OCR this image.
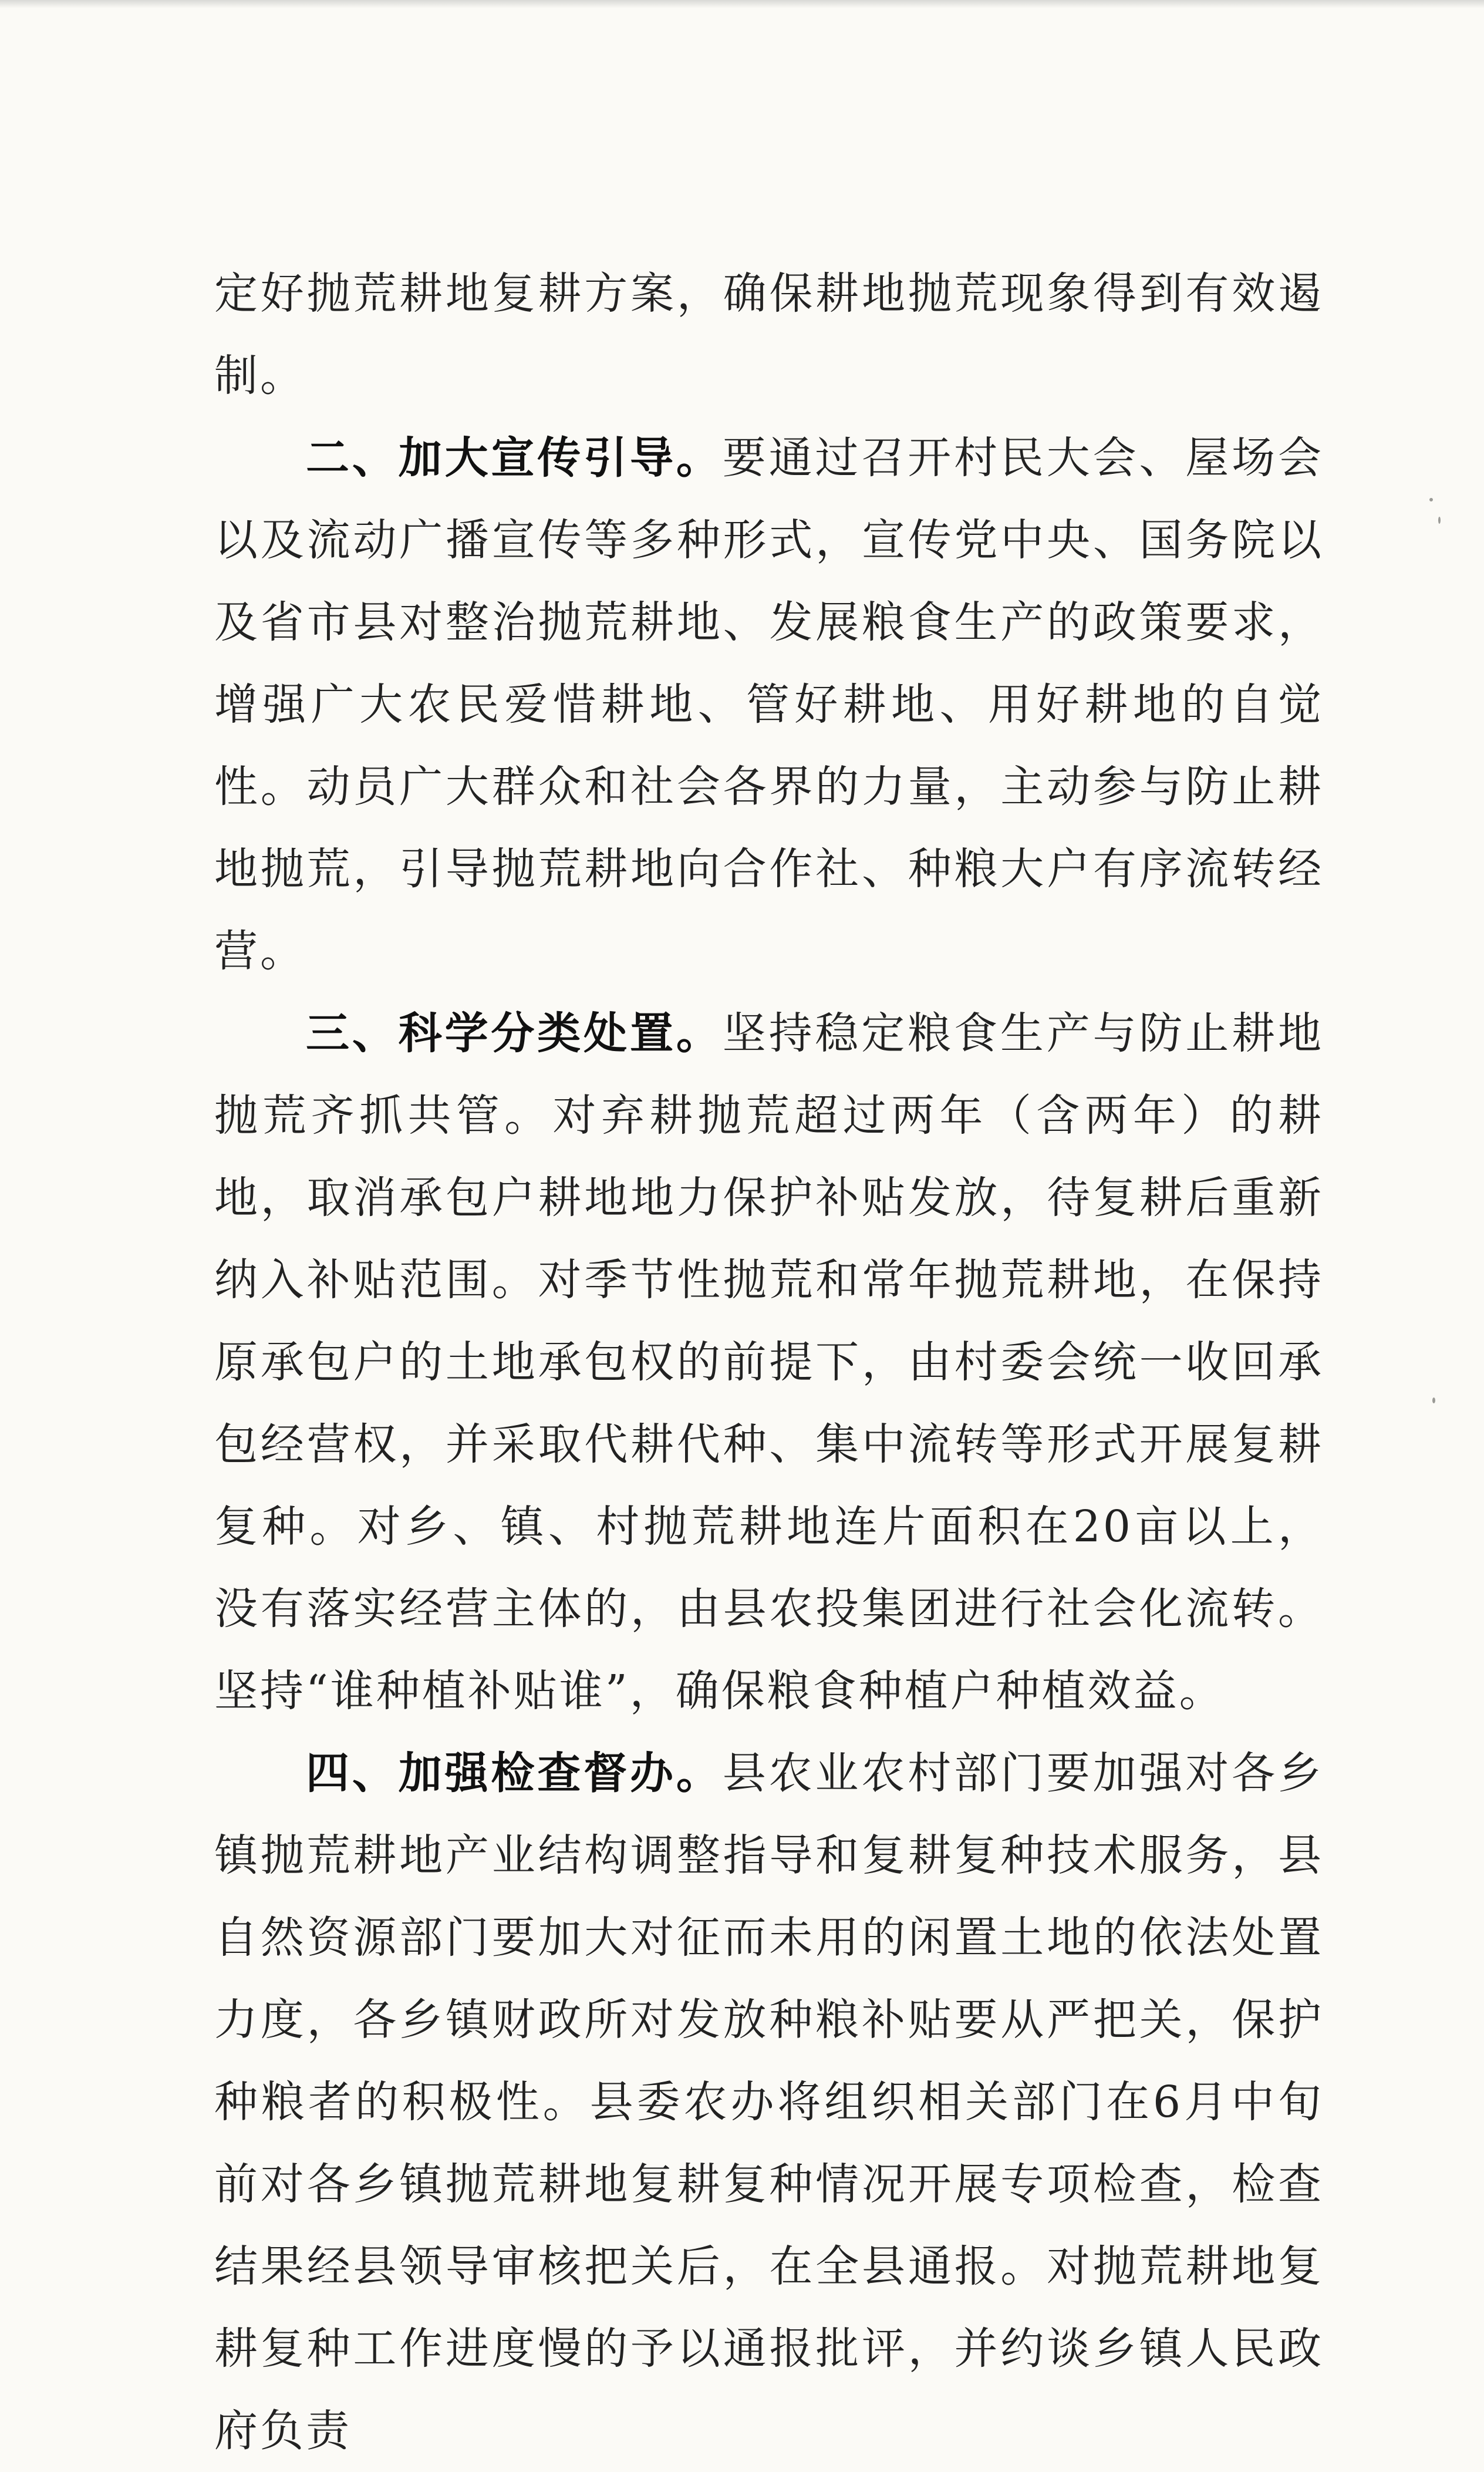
定好抛荒耕地复耕方案，确保耕地抛荒现象得到有效遏制。

二、加大宣传引导。要通过召开村民大会、屋场会以及流动广播宣传等多种形式，宣传党中央、国务院以及省市县对整治抛荒耕地、发展粮食生产的政策要求，增强广大农民爱惜耕地、管好耕地、用好耕地的自觉性。动员广大群众和社会各界的力量，主动参与防止耕地抛荒，引导抛荒耕地向合作社、种粮大户有序流转经营。

三、科学分类处置。坚持稳定粮食生产与防止耕地抛荒齐抓共管。对弃耕抛荒超过两年（含两年）的耕地，取消承包户耕地地力保护补贴发放，待复耕后重新纳入补贴范围。对季节性抛荒和常年抛荒耕地，在保持原承包户的土地承包权的前提下，由村委会统一收回承包经营权，并采取代耕代种、集中流转等形式开展复耕复种。对乡、镇、村抛荒耕地连片面积在20亩以上，没有落实经营主体的，由县农投集团进行社会化流转。坚持“谁种植补贴谁”，确保粮食种植户种植效益。

四、加强检查督办。县农业农村部门要加强对各乡镇抛荒耕地产业结构调整指导和复耕复种技术服务，县自然资源部门要加大对征而未用的闲置土地的依法处置力度，各乡镇财政所对发放种粮补贴要从严把关，保护种粮者的积极性。县委农办将组织相关部门在6月中旬前对各乡镇抛荒耕地复耕复种情况开展专项检查，检查结果经县领导审核把关后，在全县通报。对抛荒耕地复耕复种工作进度慢的予以通报批评，并约谈乡镇人民政府负责
